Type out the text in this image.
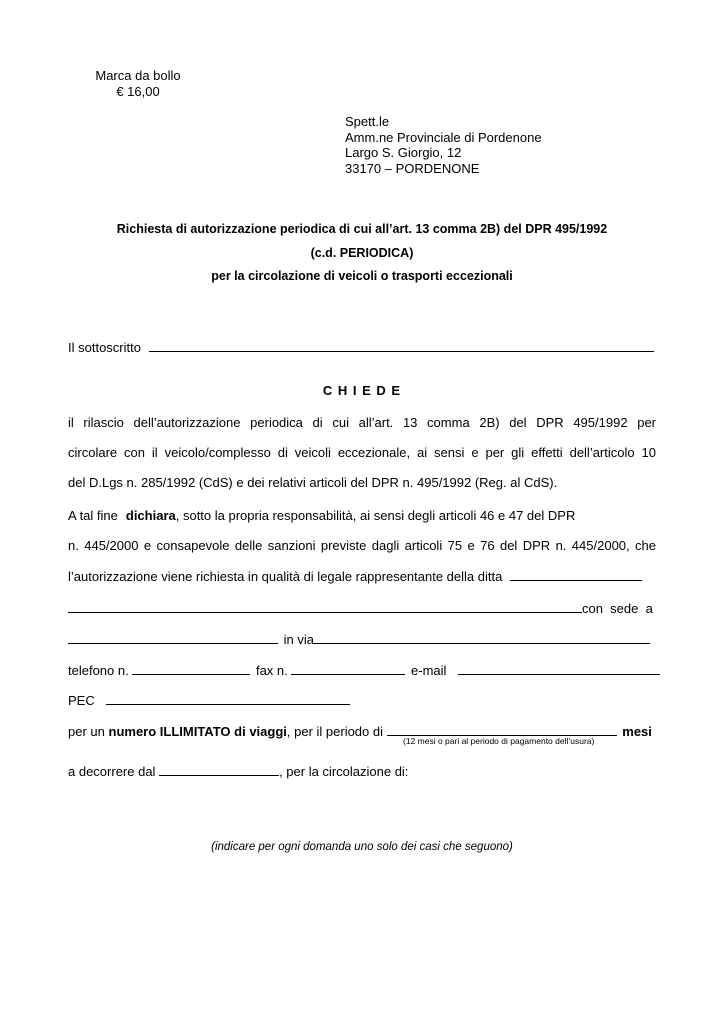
Marca da bollo
€ 16,00
Spett.le
Amm.ne Provinciale di Pordenone
Largo S. Giorgio, 12
33170 – PORDENONE
Richiesta di autorizzazione periodica di cui all’art. 13 comma 2B) del DPR 495/1992
(c.d. PERIODICA)
per la circolazione di veicoli o trasporti eccezionali
Il sottoscritto
C H I E D E
il rilascio dell’autorizzazione periodica di cui all’art. 13 comma 2B) del DPR 495/1992 per
circolare con il veicolo/complesso di veicoli eccezionale, ai sensi e per gli effetti dell’articolo 10
del D.Lgs n. 285/1992 (CdS) e dei relativi articoli del DPR n. 495/1992 (Reg. al CdS).
A tal fine dichiara, sotto la propria responsabilità, ai sensi degli articoli 46 e 47 del DPR
n. 445/2000 e consapevole delle sanzioni previste dagli articoli 75 e 76 del DPR n. 445/2000, che
l’autorizzazione viene richiesta in qualità di legale rappresentante della ditta
con  sede  a
in via
telefono n.	fax n.	e-mail
PEC
per un numero ILLIMITATO di viaggi, per il periodo di	mesi
(12 mesi o pari al periodo di pagamento dell’usura)
a decorrere dal	, per la circolazione di:
(indicare per ogni domanda uno solo dei casi che seguono)
